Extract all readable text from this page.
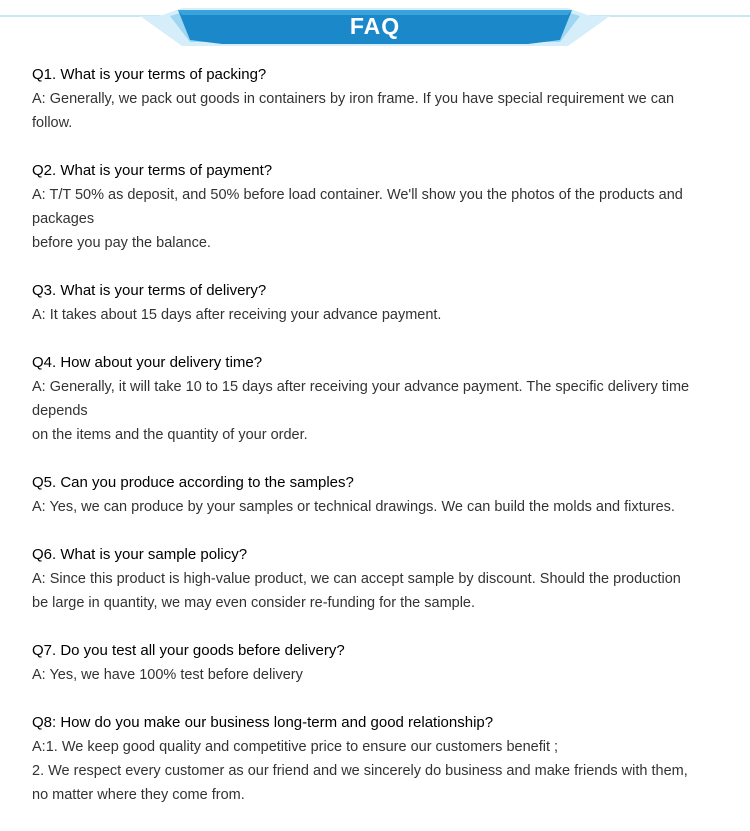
FAQ
Q1. What is your terms of packing?
A: Generally, we pack out goods in containers by iron frame. If you have special requirement we can
follow.
Q2. What is your terms of payment?
A: T/T 50% as deposit, and 50% before load container. We'll show you the photos of the products and
packages
before you pay the balance.
Q3. What is your terms of delivery?
A: It takes about 15 days after receiving your advance payment.
Q4. How about your delivery time?
A: Generally, it will take 10 to 15 days after receiving your advance payment. The specific delivery time
depends
on the items and the quantity of your order.
Q5. Can you produce according to the samples?
A: Yes, we can produce by your samples or technical drawings. We can build the molds and fixtures.
Q6. What is your sample policy?
A: Since this product is high-value product, we can accept sample by discount. Should the production
be large in quantity, we may even consider re-funding for the sample.
Q7. Do you test all your goods before delivery?
A: Yes, we have 100% test before delivery
Q8: How do you make our business long-term and good relationship?
A:1. We keep good quality and competitive price to ensure our customers benefit ;
2. We respect every customer as our friend and we sincerely do business and make friends with them,
no matter where they come from.
